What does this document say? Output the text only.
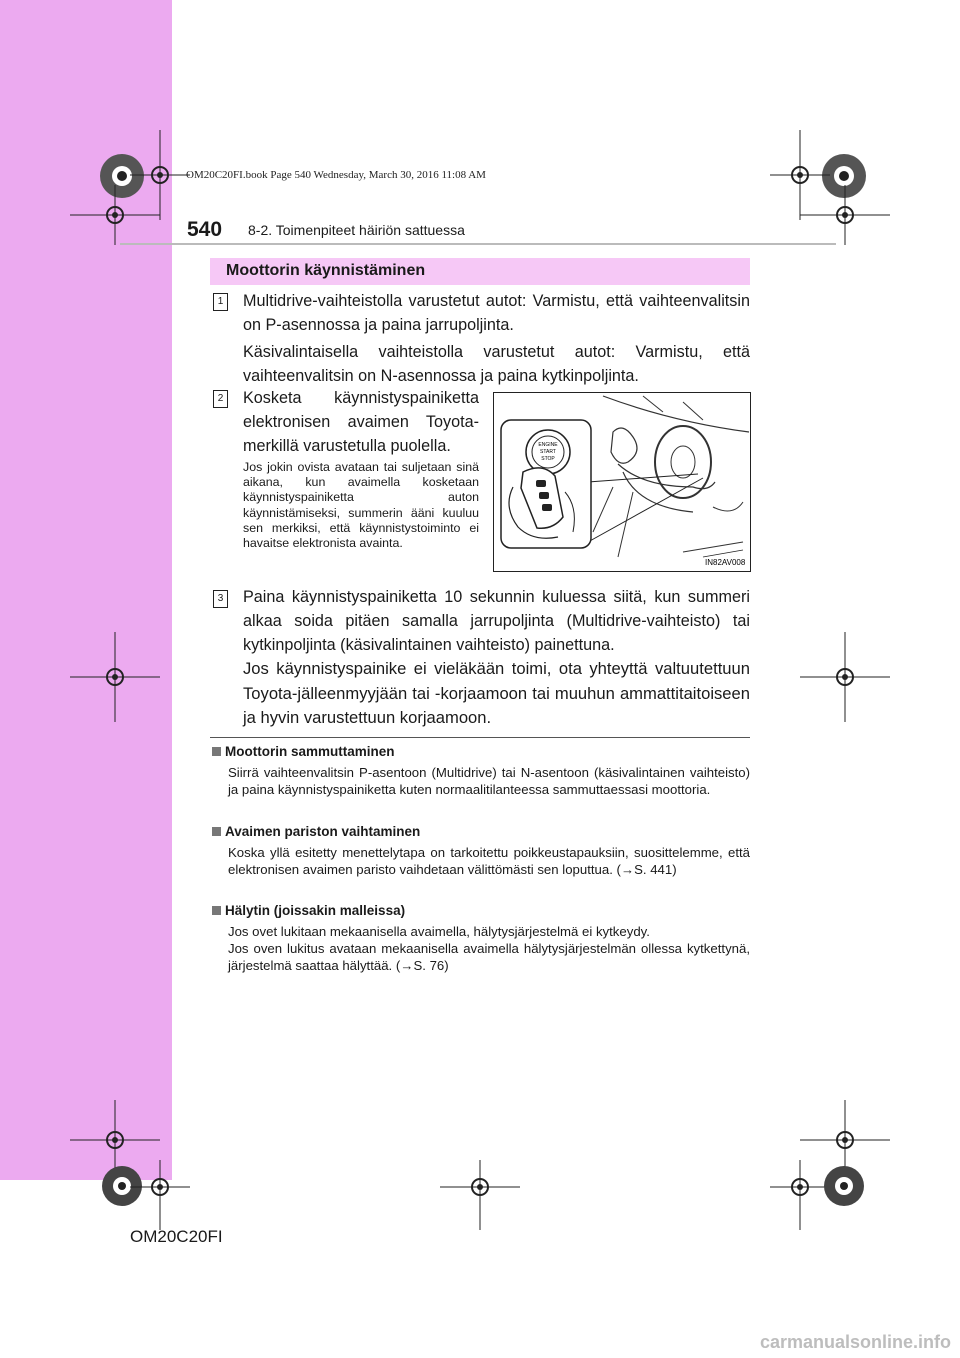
OM20C20FI.book Page 540 Wednesday, March 30, 2016 11:08 AM
540 8-2. Toimenpiteet häiriön sattuessa
Moottorin käynnistäminen
1 Multidrive-vaihteistolla varustetut autot: Varmistu, että vaihteenvalitsin on P-asennossa ja paina jarrupoljinta.

Käsivalintaisella vaihteistolla varustetut autot: Varmistu, että vaihteenvalitsin on N-asennossa ja paina kytkinpoljinta.

2 Kosketa käynnistyspainiketta elektronisen avaimen Toyota-merkillä varustetulla puolella.

Jos jokin ovista avataan tai suljetaan sinä aikana, kun avaimella kosketaan käynnistyspainiketta auton käynnistämiseksi, summerin ääni kuuluu sen merkiksi, että käynnistystoiminto ei havaitse elektronista avainta.

ENGINE
START
STOP
IN82AV008
3 Paina käynnistyspainiketta 10 sekunnin kuluessa siitä, kun summeri alkaa soida pitäen samalla jarrupoljinta (Multidrive-vaihteisto) tai kytkinpoljinta (käsivalintainen vaihteisto) painettuna.

Jos käynnistyspainike ei vieläkään toimi, ota yhteyttä valtuutettuun Toyota-jälleenmyyjään tai -korjaamoon tai muuhun ammattitaitoiseen ja hyvin varustettuun korjaamoon.

Moottorin sammuttaminen

Siirrä vaihteenvalitsin P-asentoon (Multidrive) tai N-asentoon (käsivalintainen vaihteisto) ja paina käynnistyspainiketta kuten normaalitilanteessa sammuttaessasi moottoria.

Avaimen pariston vaihtaminen

Koska yllä esitetty menettelytapa on tarkoitettu poikkeustapauksiin, suosittelemme, että elektronisen avaimen paristo vaihdetaan välittömästi sen loputtua. (→S. 441)

Hälytin (joissakin malleissa)

Jos ovet lukitaan mekaanisella avaimella, hälytysjärjestelmä ei kytkeydy.

Jos oven lukitus avataan mekaanisella avaimella hälytysjärjestelmän ollessa kytkettynä, järjestelmä saattaa hälyttää. (→S. 76)

OM20C20FI
carmanualsonline.info
